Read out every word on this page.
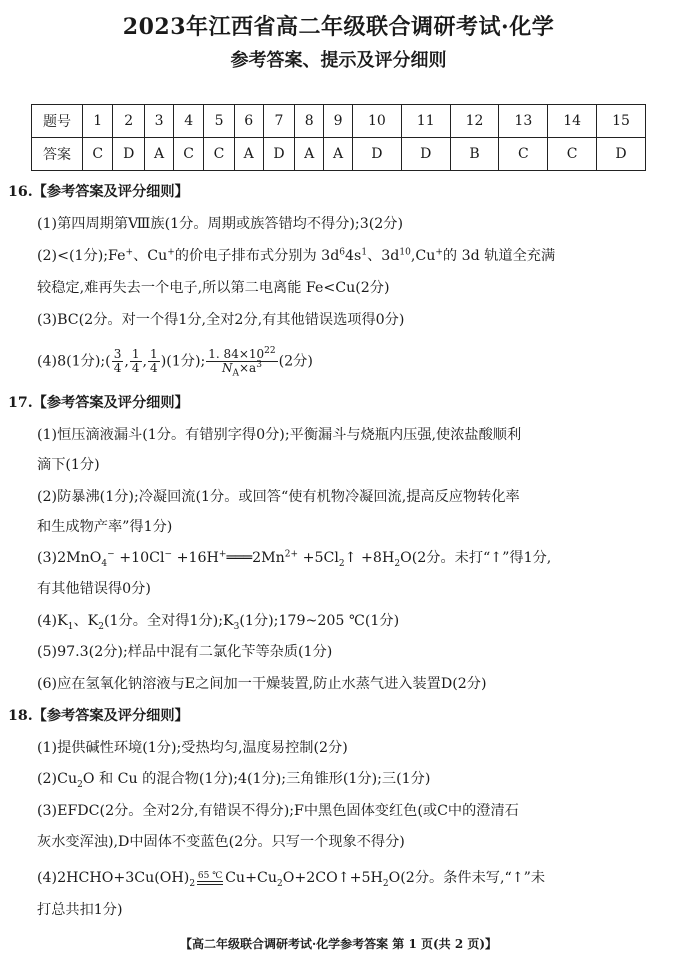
2023年江西省高二年级联合调研考试·化学
参考答案、提示及评分细则
题号	1	2	3	4	5	6	7	8	9	10	11	12	13	14	15
答案	C	D	A	C	C	A	D	A	A	D	D	B	C	C	D
16.【参考答案及评分细则】
(1)第四周期第Ⅷ族(1分。周期或族答错均不得分);3(2分)
(2)<(1分);Fe+、Cu+的价电子排布式分别为 $3d^64s^1$、$3d^{10},Cu^+$的 3d 轨道全充满
较稳定,难再失去一个电子,所以第二电离能 Fe<Cu(2分)
(3)BC(2分。对一个得1分,全对2分,有其他错误选项得0分)
(4)8(1分);( $\frac{3}{4}$ , $\frac{1}{4}$ , $\frac{1}{4} )(1$分); $\frac{1. 84\times 10^{22}}{N_A\times a^3} (2$分)
17.【参考答案及评分细则】
(1)恒压滴液漏斗(1分。有错别字得0分);平衡漏斗与烧瓶内压强,使浓盐酸顺利
滴下(1分)
(2)防暴沸(1分);冷凝回流(1分。或回答“使有机物冷凝回流,提高反应物转化率
和生成物产率”得1分)
$(3)2MnO_4^- +10Cl^- +16H^+═══2Mn^{2+}$ $+5Cl_2↑ +8H_2O(2$分。未打“↑”得1分,
有其他错误得0分)
$(4)K_1$、$K_2(1$分。全对得1分)$;K_3(1$分);179~205 ℃(1分)
(5)97.3(2分);样品中混有二氯化苄等杂质(1分)
(6)应在氢氧化钠溶液与E之间加一干燥装置,防止水蒸气进入装置D(2分)
18.【参考答案及评分细则】
(1)提供碱性环境(1分);受热均匀,温度易控制(2分)
$(2)Cu_2O$ 和 Cu 的混合物(1分);4(1分);三角锥形(1分);三(1分)
(3)EFDC(2分。全对2分,有错误不得分);F中黑色固体变红色(或C中的澄清石
灰水变浑浊),D中固体不变蓝色(2分。只写一个现象不得分)
$(4)2HCHO+3Cu(OH)_2$
65 ℃ $Cu+Cu_2O+2CO↑+5H_2O(2$分。条件未写,“↑”未
打总共扣1分)
【高二年级联合调研考试·化学参考答案 第 1 页(共 2 页)】
